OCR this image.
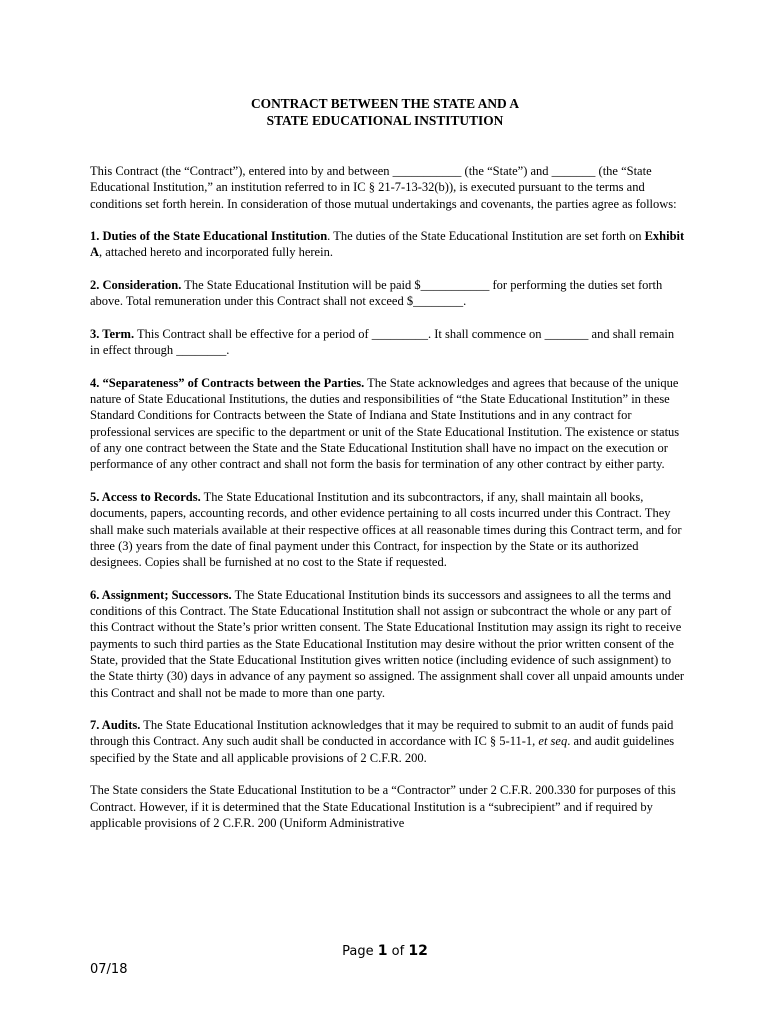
CONTRACT BETWEEN THE STATE AND A
STATE EDUCATIONAL INSTITUTION

This Contract (the “Contract”), entered into by and between ___________ (the “State”) and _______ (the “State Educational Institution,” an institution referred to in IC § 21-7-13-32(b)), is executed pursuant to the terms and conditions set forth herein. In consideration of those mutual undertakings and covenants, the parties agree as follows:

1. Duties of the State Educational Institution. The duties of the State Educational Institution are set forth on Exhibit A, attached hereto and incorporated fully herein.

2. Consideration. The State Educational Institution will be paid $___________ for performing the duties set forth above. Total remuneration under this Contract shall not exceed $________.

3. Term. This Contract shall be effective for a period of _________. It shall commence on _______ and shall remain in effect through ________.

4. “Separateness” of Contracts between the Parties. The State acknowledges and agrees that because of the unique nature of State Educational Institutions, the duties and responsibilities of “the State Educational Institution” in these Standard Conditions for Contracts between the State of Indiana and State Institutions and in any contract for professional services are specific to the department or unit of the State Educational Institution. The existence or status of any one contract between the State and the State Educational Institution shall have no impact on the execution or performance of any other contract and shall not form the basis for termination of any other contract by either party.

5. Access to Records. The State Educational Institution and its subcontractors, if any, shall maintain all books, documents, papers, accounting records, and other evidence pertaining to all costs incurred under this Contract. They shall make such materials available at their respective offices at all reasonable times during this Contract term, and for three (3) years from the date of final payment under this Contract, for inspection by the State or its authorized designees. Copies shall be furnished at no cost to the State if requested.

6. Assignment; Successors. The State Educational Institution binds its successors and assignees to all the terms and conditions of this Contract. The State Educational Institution shall not assign or subcontract the whole or any part of this Contract without the State’s prior written consent. The State Educational Institution may assign its right to receive payments to such third parties as the State Educational Institution may desire without the prior written consent of the State, provided that the State Educational Institution gives written notice (including evidence of such assignment) to the State thirty (30) days in advance of any payment so assigned. The assignment shall cover all unpaid amounts under this Contract and shall not be made to more than one party.

7. Audits. The State Educational Institution acknowledges that it may be required to submit to an audit of funds paid through this Contract. Any such audit shall be conducted in accordance with IC § 5-11-1, et seq. and audit guidelines specified by the State and all applicable provisions of 2 C.F.R. 200.

The State considers the State Educational Institution to be a “Contractor” under 2 C.F.R. 200.330 for purposes of this Contract. However, if it is determined that the State Educational Institution is a “subrecipient” and if required by applicable provisions of 2 C.F.R. 200 (Uniform Administrative

Page 1 of 12
07/18
